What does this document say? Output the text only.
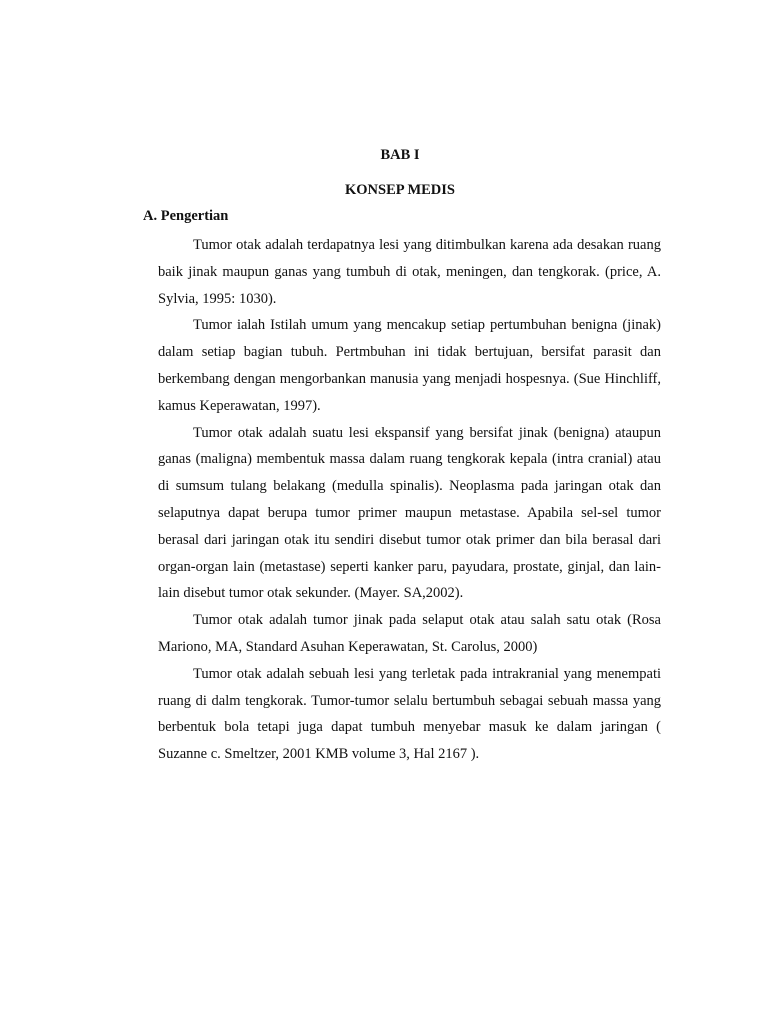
BAB I
KONSEP MEDIS
A. Pengertian

Tumor otak adalah terdapatnya lesi yang ditimbulkan karena ada desakan ruang baik jinak maupun ganas yang tumbuh di otak, meningen, dan tengkorak. (price, A. Sylvia, 1995: 1030).

Tumor ialah Istilah umum yang mencakup setiap pertumbuhan benigna (jinak) dalam setiap bagian tubuh. Pertmbuhan ini tidak bertujuan, bersifat parasit dan berkembang dengan mengorbankan manusia yang menjadi hospesnya. (Sue Hinchliff, kamus Keperawatan, 1997).

Tumor otak adalah suatu lesi ekspansif yang bersifat jinak (benigna) ataupun ganas (maligna) membentuk massa dalam ruang tengkorak kepala (intra cranial) atau di sumsum tulang belakang (medulla spinalis). Neoplasma pada jaringan otak dan selaputnya dapat berupa tumor primer maupun metastase. Apabila sel-sel tumor berasal dari jaringan otak itu sendiri disebut tumor otak primer dan bila berasal dari organ-organ lain (metastase) seperti kanker paru, payudara, prostate, ginjal, dan lain-lain disebut tumor otak sekunder. (Mayer. SA,2002).

Tumor otak adalah tumor jinak pada selaput otak atau salah satu otak (Rosa Mariono, MA, Standard Asuhan Keperawatan, St. Carolus, 2000)

Tumor otak adalah sebuah lesi yang terletak pada intrakranial yang menempati ruang di dalm tengkorak. Tumor-tumor selalu bertumbuh sebagai sebuah massa yang berbentuk bola tetapi juga dapat tumbuh menyebar masuk ke dalam jaringan ( Suzanne c. Smeltzer, 2001 KMB volume 3, Hal 2167 ).
